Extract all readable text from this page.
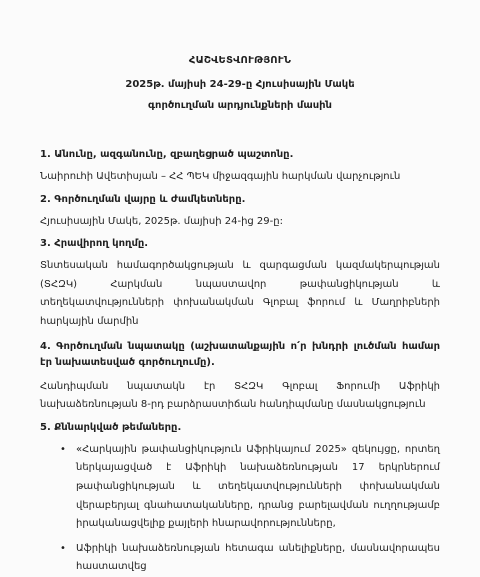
ՀԱՇՎԵՏՎՈՒԹՅՈՒՆ
2025թ. մայիսի 24-29-ը Հյուսիսային Մակե
գործուղման արդյունքների մասին
1. Անունը, ազգանունը, զբաղեցրած պաշտոնը.
Նաիրուհի Ավետիսյան – ՀՀ ՊԵԿ միջազգային հարկման վարչություն
2. Գործուղման վայրը և ժամկետները.
Հյուսիսային Մակե, 2025թ. մայիսի 24-ից 29-ը:
3. Հրավիրող կողմը.
Տնտեսական համագործակցության և զարգացման կազմակերպության (ՏՀԶԿ) Հարկման նպաստավոր թափանցիկության և տեղեկատվությունների փոխանակման Գլոբալ ֆորում և Մաղրիբների հարկային մարմին
4. Գործուղման նպատակը (աշխատանքային ո՛ր խնդրի լուծման համար էր նախատեսված գործուղումը).
Հանդիպման նպատակն էր ՏՀԶԿ Գլոբալ Ֆորումի Աֆրիկի նախաձեռնության 8-րդ բարձրաստիճան հանդիպմանը մասնակցություն
5. Քննարկված թեմաները.
• «Հարկային թափանցիկություն Աֆրիկայում 2025» զեկույցը, որտեղ ներկայացված է Աֆրիկի նախաձեռնության 17 երկրներում թափանցիկության և տեղեկատվությունների փոխանակման վերաբերյալ գնահատականները, դրանց բարելավման ուղղությամբ իրականացվելիք քայլերի հնարավորությունները,
• Աֆրիկի նախաձեռնության հետագա անելիքները, մասնավորապես հաստատվեց
